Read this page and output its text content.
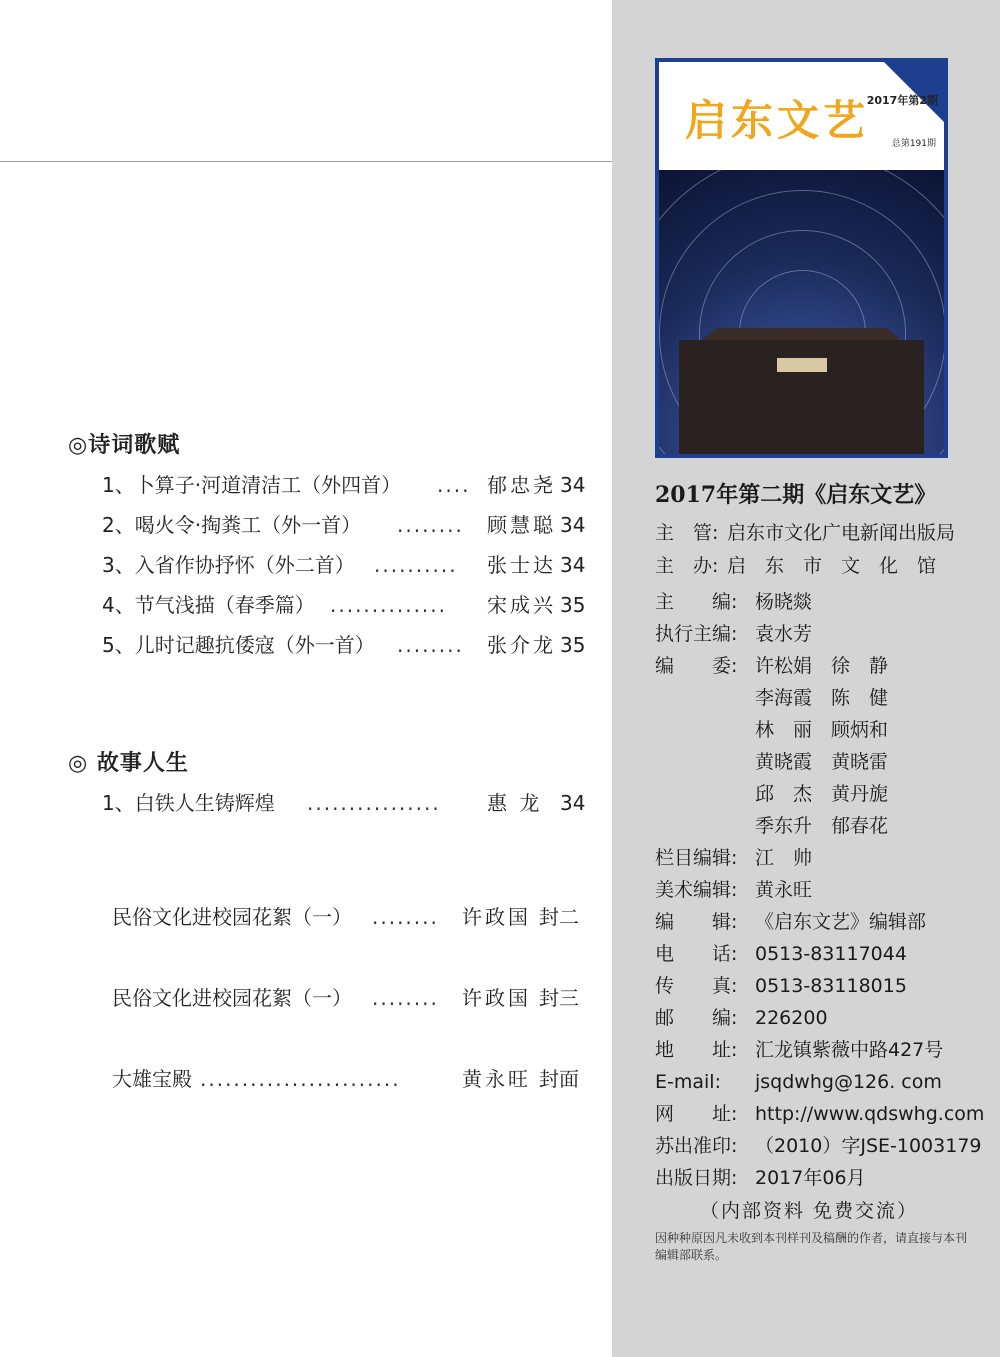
◎诗词歌赋
1、卜算子·河道清洁工（外四首） .... 郁忠尧 34
2、喝火令·掏粪工（外一首） ........	顾慧聪 34
3、入省作协抒怀（外二首） ..........	张士达 34
4、节气浅描（春季篇） ..............	宋成兴 35
5、儿时记趣抗倭寇（外一首） ........	张介龙 35
◎ 故事人生
1、白铁人生铸辉煌 ................	惠 龙 34
民俗文化进校园花絮（一） ........	许政国 封二
民俗文化进校园花絮（一） ........	许政国 封三
大雄宝殿 ........................	黄永旺 封面
启东文艺
2017年第2期
总第191期
2017年第二期《启东文艺》
主　管: 启东市文化广电新闻出版局
主　办: 启　东　市　文　化　馆
主　　编: 杨晓燚
执行主编: 袁水芳
编　　委: 许松娟　徐　静
李海霞　陈　健
林　丽　顾炳和
黄晓霞　黄晓雷
邱　杰　黄丹旎
季东升　郁春花
栏目编辑: 江　帅
美术编辑: 黄永旺
编　　辑: 《启东文艺》编辑部
电　　话: 0513-83117044
传　　真: 0513-83118015
邮　　编: 226200
地　　址: 汇龙镇紫薇中路427号
E-mail: jsqdwhg@126. com
网　　址: http://www.qdswhg.com
苏出准印: （2010）字JSE-1003179
出版日期: 2017年06月
（内部资料 免费交流）
因种种原因凡未收到本刊样刊及稿酬的作者，请直接与本刊编辑部联系。
